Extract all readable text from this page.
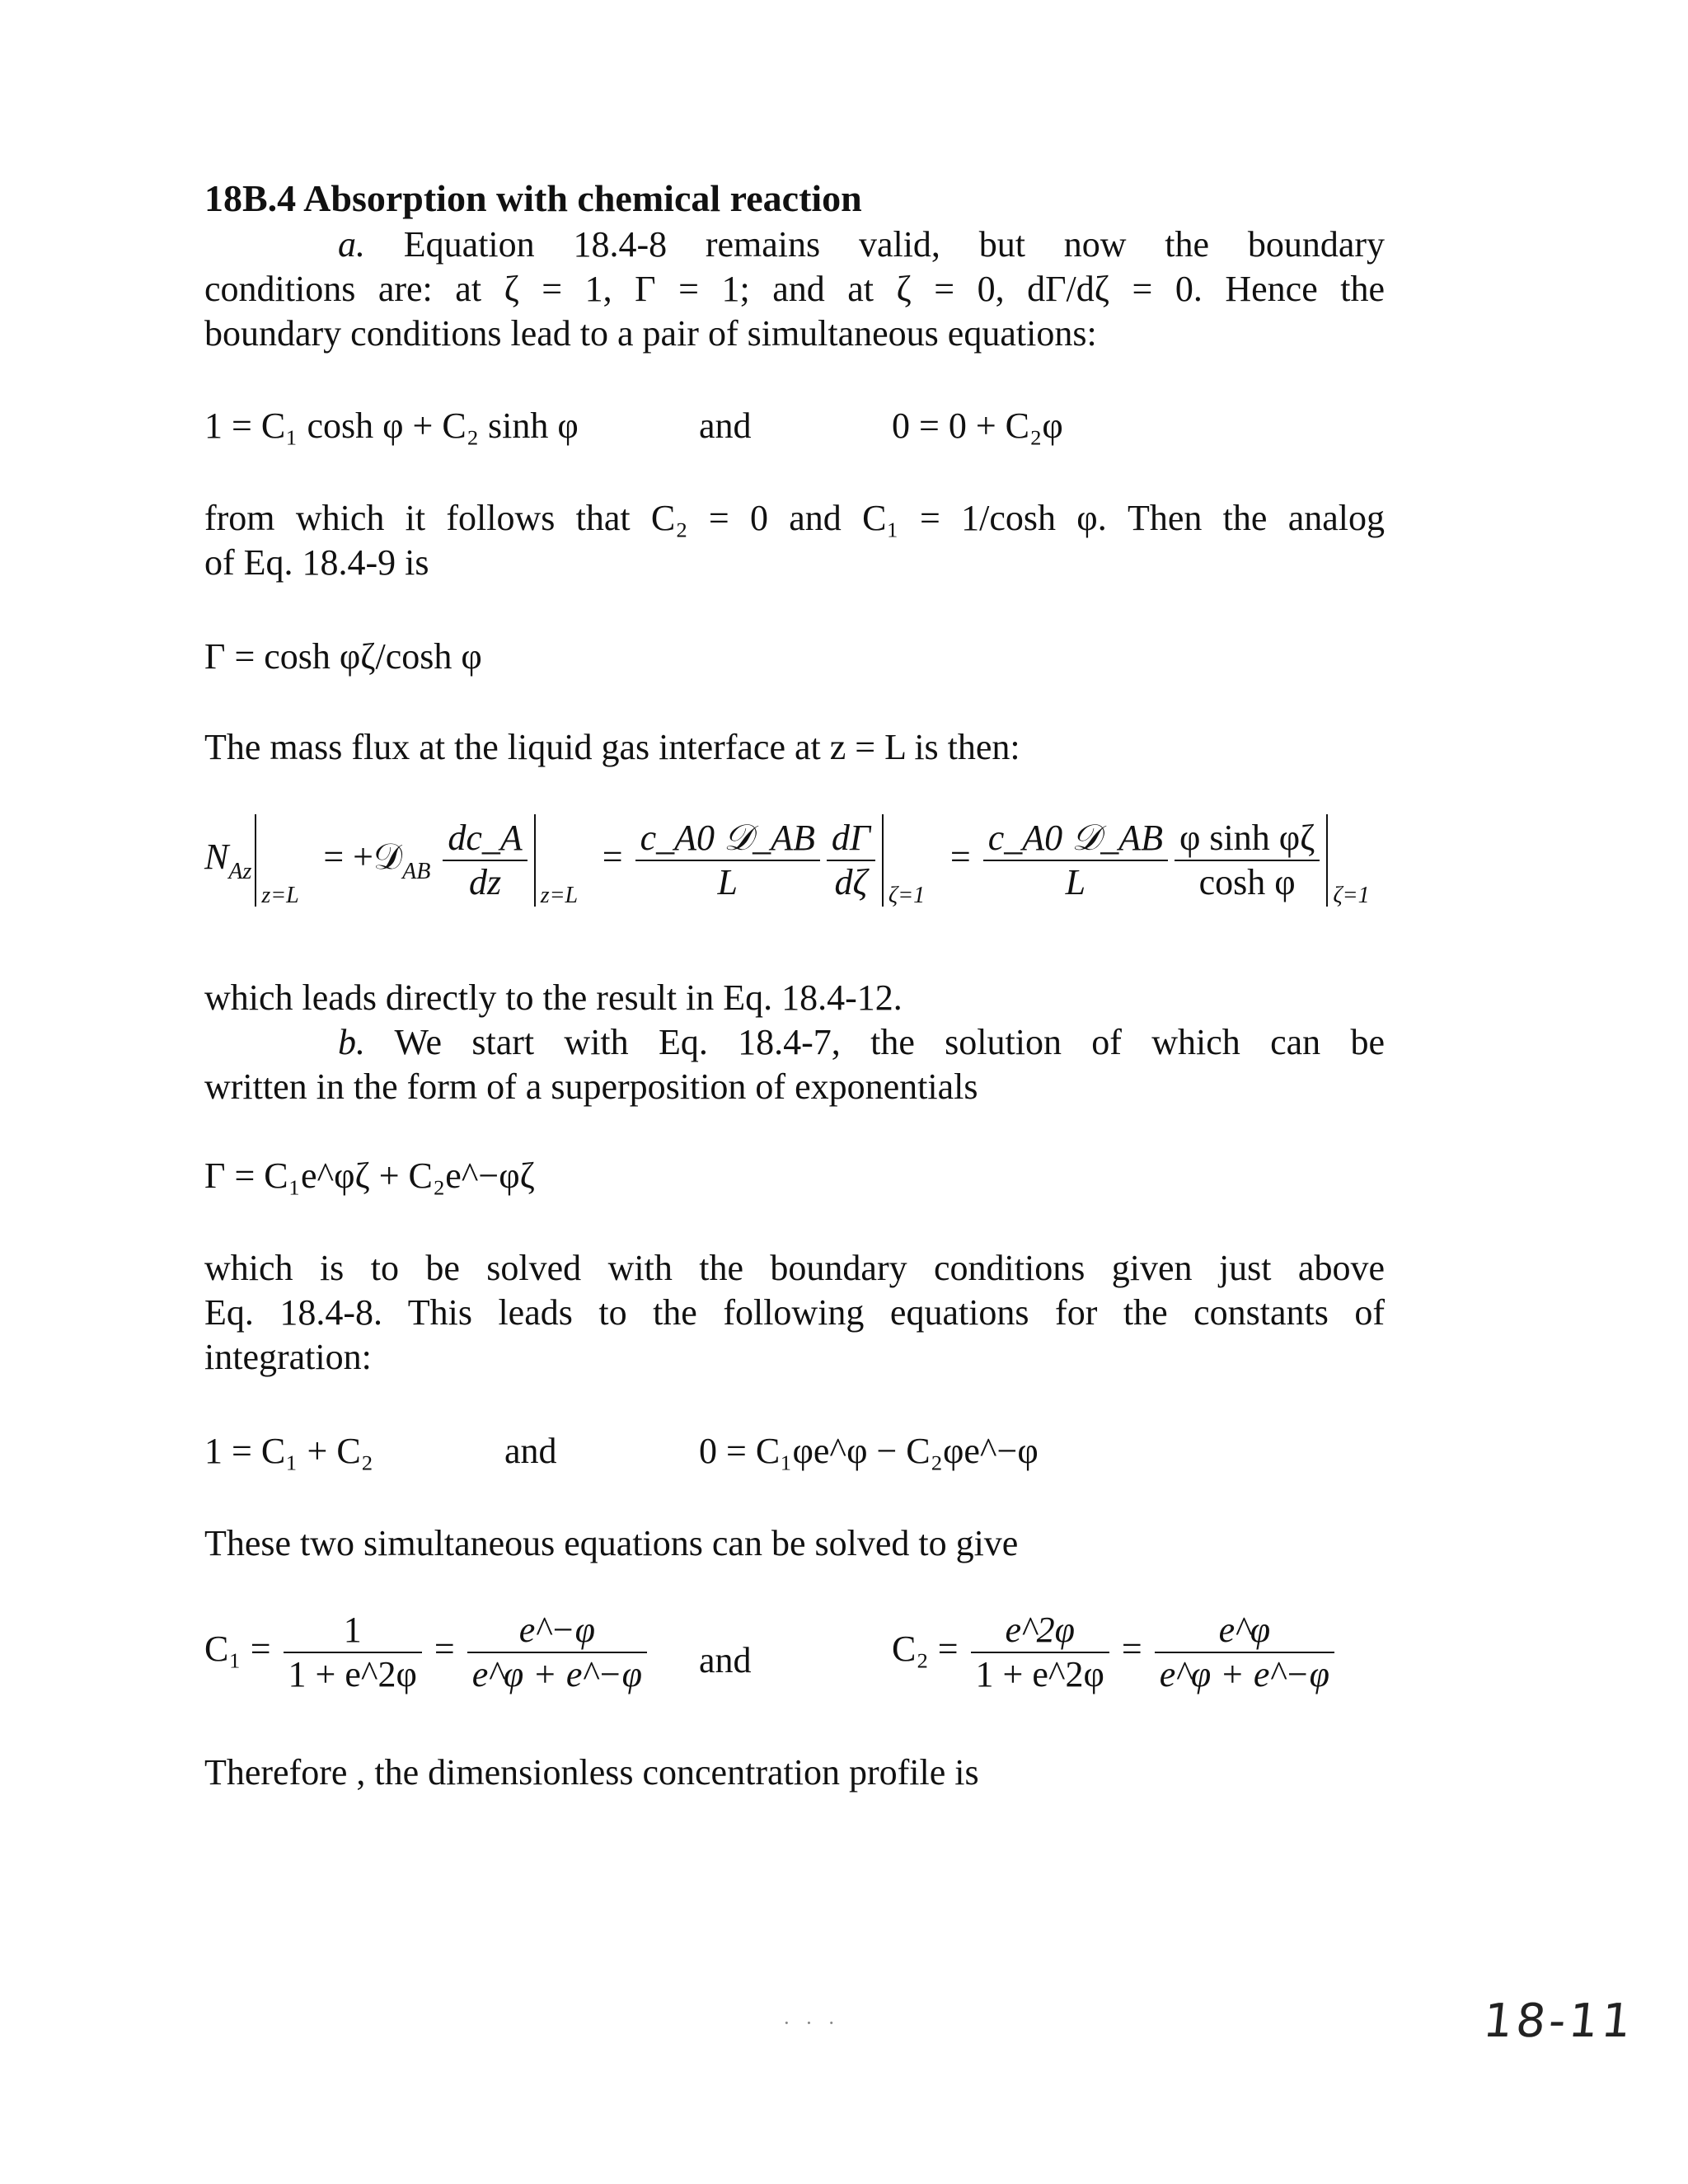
18B.4 Absorption with chemical reaction
a. Equation 18.4-8 remains valid, but now the boundary
conditions are: at ζ = 1, Γ = 1; and at ζ = 0, dΓ/dζ = 0. Hence the
boundary conditions lead to a pair of simultaneous equations:
1 = C₁ cosh φ + C₂ sinh φ	and	0 = 0 + C₂φ
from which it follows that C₂ = 0 and C₁ = 1/cosh φ. Then the analog
of Eq. 18.4-9 is
Γ = cosh φζ/cosh φ
The mass flux at the liquid gas interface at z = L is then:
$N_{Az}$
z=L
= +𝒟$_{AB}$ $\frac{dc\_A}{dz} z=L$
= $\frac{\text{c\_A0 𝒟\_AB}}{L} \frac{d\Gamma}{d\zeta} \zeta=1$
= $\frac{\text{c\_A0 𝒟\_AB}}{L} \frac{\text{φ sinh φζ}}{\text{cosh φ}} \zeta=1$
which leads directly to the result in Eq. 18.4-12.
b. We start with Eq. 18.4-7, the solution of which can be
written in the form of a superposition of exponentials
Γ = C₁e^φζ + C₂e^−φζ
which is to be solved with the boundary conditions given just above
Eq. 18.4-8. This leads to the following equations for the constants of
integration:
1 = C₁ + C₂	and	0 = C₁φe^φ − C₂φe^−φ
These two simultaneous equations can be solved to give
$C_1 = \frac{1}{1 + e\^{}2\varphi} = \frac{e\^{}-\varphi}{e\^{}\varphi + e\^{}-\varphi}$ and	$C_2 = \frac{e\^{}2\varphi}{1 + e\^{}2\varphi} = \frac{e\^{}\varphi}{e\^{}\varphi + e\^{}-\varphi}$
Therefore , the dimensionless concentration profile is
· · ·	18-11
